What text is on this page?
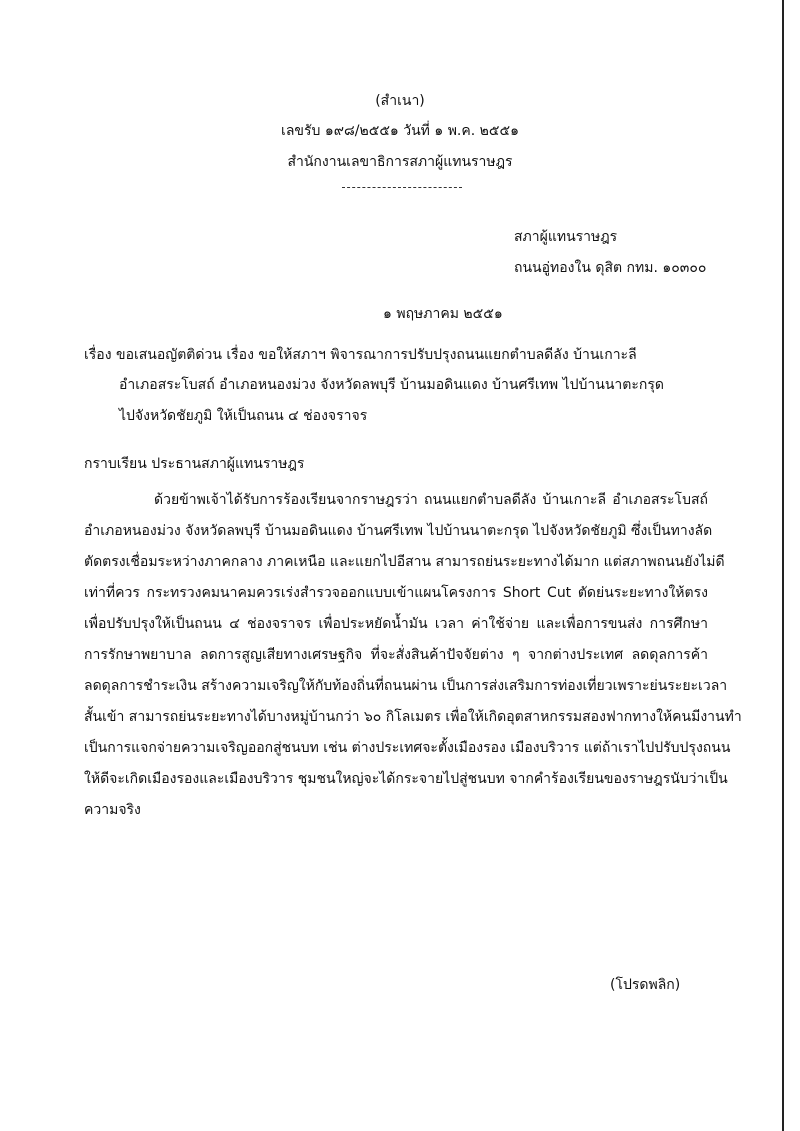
(สำเนา)
เลขรับ ๑๙๘/๒๕๕๑ วันที่ ๑ พ.ค. ๒๕๕๑
สำนักงานเลขาธิการสภาผู้แทนราษฎร
สภาผู้แทนราษฎร
ถนนอู่ทองใน ดุสิต กทม. ๑๐๓๐๐
๑ พฤษภาคม ๒๕๕๑
เรื่อง ขอเสนอญัตติด่วน เรื่อง ขอให้สภาฯ พิจารณาการปรับปรุงถนนแยกตำบลดีลัง บ้านเกาะลี
อำเภอสระโบสถ์ อำเภอหนองม่วง จังหวัดลพบุรี บ้านมอดินแดง บ้านศรีเทพ ไปบ้านนาตะกรุด
ไปจังหวัดชัยภูมิ ให้เป็นถนน ๔ ช่องจราจร
กราบเรียน ประธานสภาผู้แทนราษฎร
ด้วยข้าพเจ้าได้รับการร้องเรียนจากราษฎรว่า ถนนแยกตำบลดีลัง บ้านเกาะลี อำเภอสระโบสถ์
อำเภอหนองม่วง จังหวัดลพบุรี บ้านมอดินแดง บ้านศรีเทพ ไปบ้านนาตะกรุด ไปจังหวัดชัยภูมิ ซึ่งเป็นทางลัด
ตัดตรงเชื่อมระหว่างภาคกลาง ภาคเหนือ และแยกไปอีสาน สามารถย่นระยะทางได้มาก แต่สภาพถนนยังไม่ดี
เท่าที่ควร กระทรวงคมนาคมควรเร่งสำรวจออกแบบเข้าแผนโครงการ Short Cut ตัดย่นระยะทางให้ตรง
เพื่อปรับปรุงให้เป็นถนน ๔ ช่องจราจร เพื่อประหยัดน้ำมัน เวลา ค่าใช้จ่าย และเพื่อการขนส่ง การศึกษา
การรักษาพยาบาล ลดการสูญเสียทางเศรษฐกิจ ที่จะสั่งสินค้าปัจจัยต่าง ๆ จากต่างประเทศ ลดดุลการค้า
ลดดุลการชำระเงิน สร้างความเจริญให้กับท้องถิ่นที่ถนนผ่าน เป็นการส่งเสริมการท่องเที่ยวเพราะย่นระยะเวลา
สั้นเข้า สามารถย่นระยะทางได้บางหมู่บ้านกว่า ๖๐ กิโลเมตร เพื่อให้เกิดอุตสาหกรรมสองฟากทางให้คนมีงานทำ
เป็นการแจกจ่ายความเจริญออกสู่ชนบท เช่น ต่างประเทศจะตั้งเมืองรอง เมืองบริวาร แต่ถ้าเราไปปรับปรุงถนน
ให้ดีจะเกิดเมืองรองและเมืองบริวาร ชุมชนใหญ่จะได้กระจายไปสู่ชนบท จากคำร้องเรียนของราษฎรนับว่าเป็น
ความจริง
(โปรดพลิก)
